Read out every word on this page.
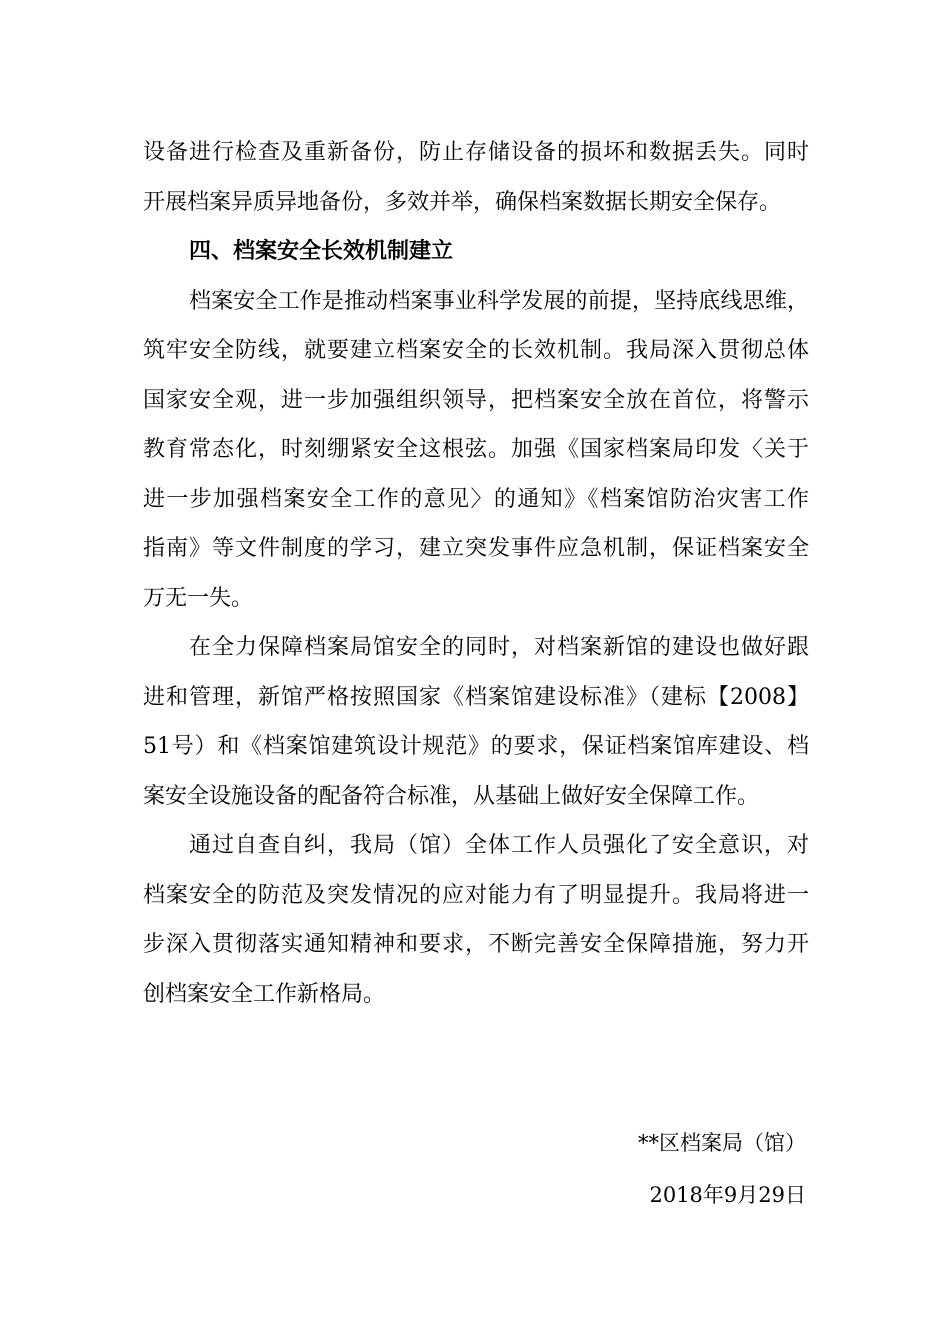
设备进行检查及重新备份，防止存储设备的损坏和数据丢失。同时
开展档案异质异地备份，多效并举，确保档案数据长期安全保存。
四、档案安全长效机制建立
档案安全工作是推动档案事业科学发展的前提，坚持底线思维，
筑牢安全防线，就要建立档案安全的长效机制。我局深入贯彻总体
国家安全观，进一步加强组织领导，把档案安全放在首位，将警示
教育常态化，时刻绷紧安全这根弦。加强《国家档案局印发〈关于
进一步加强档案安全工作的意见〉的通知》《档案馆防治灾害工作
指南》等文件制度的学习，建立突发事件应急机制，保证档案安全
万无一失。
在全力保障档案局馆安全的同时，对档案新馆的建设也做好跟
进和管理，新馆严格按照国家《档案馆建设标准》（建标【2008】
51号）和《档案馆建筑设计规范》的要求，保证档案馆库建设、档
案安全设施设备的配备符合标准，从基础上做好安全保障工作。
通过自查自纠，我局（馆）全体工作人员强化了安全意识，对
档案安全的防范及突发情况的应对能力有了明显提升。我局将进一
步深入贯彻落实通知精神和要求，不断完善安全保障措施，努力开
创档案安全工作新格局。
**区档案局（馆）
2018年9月29日
